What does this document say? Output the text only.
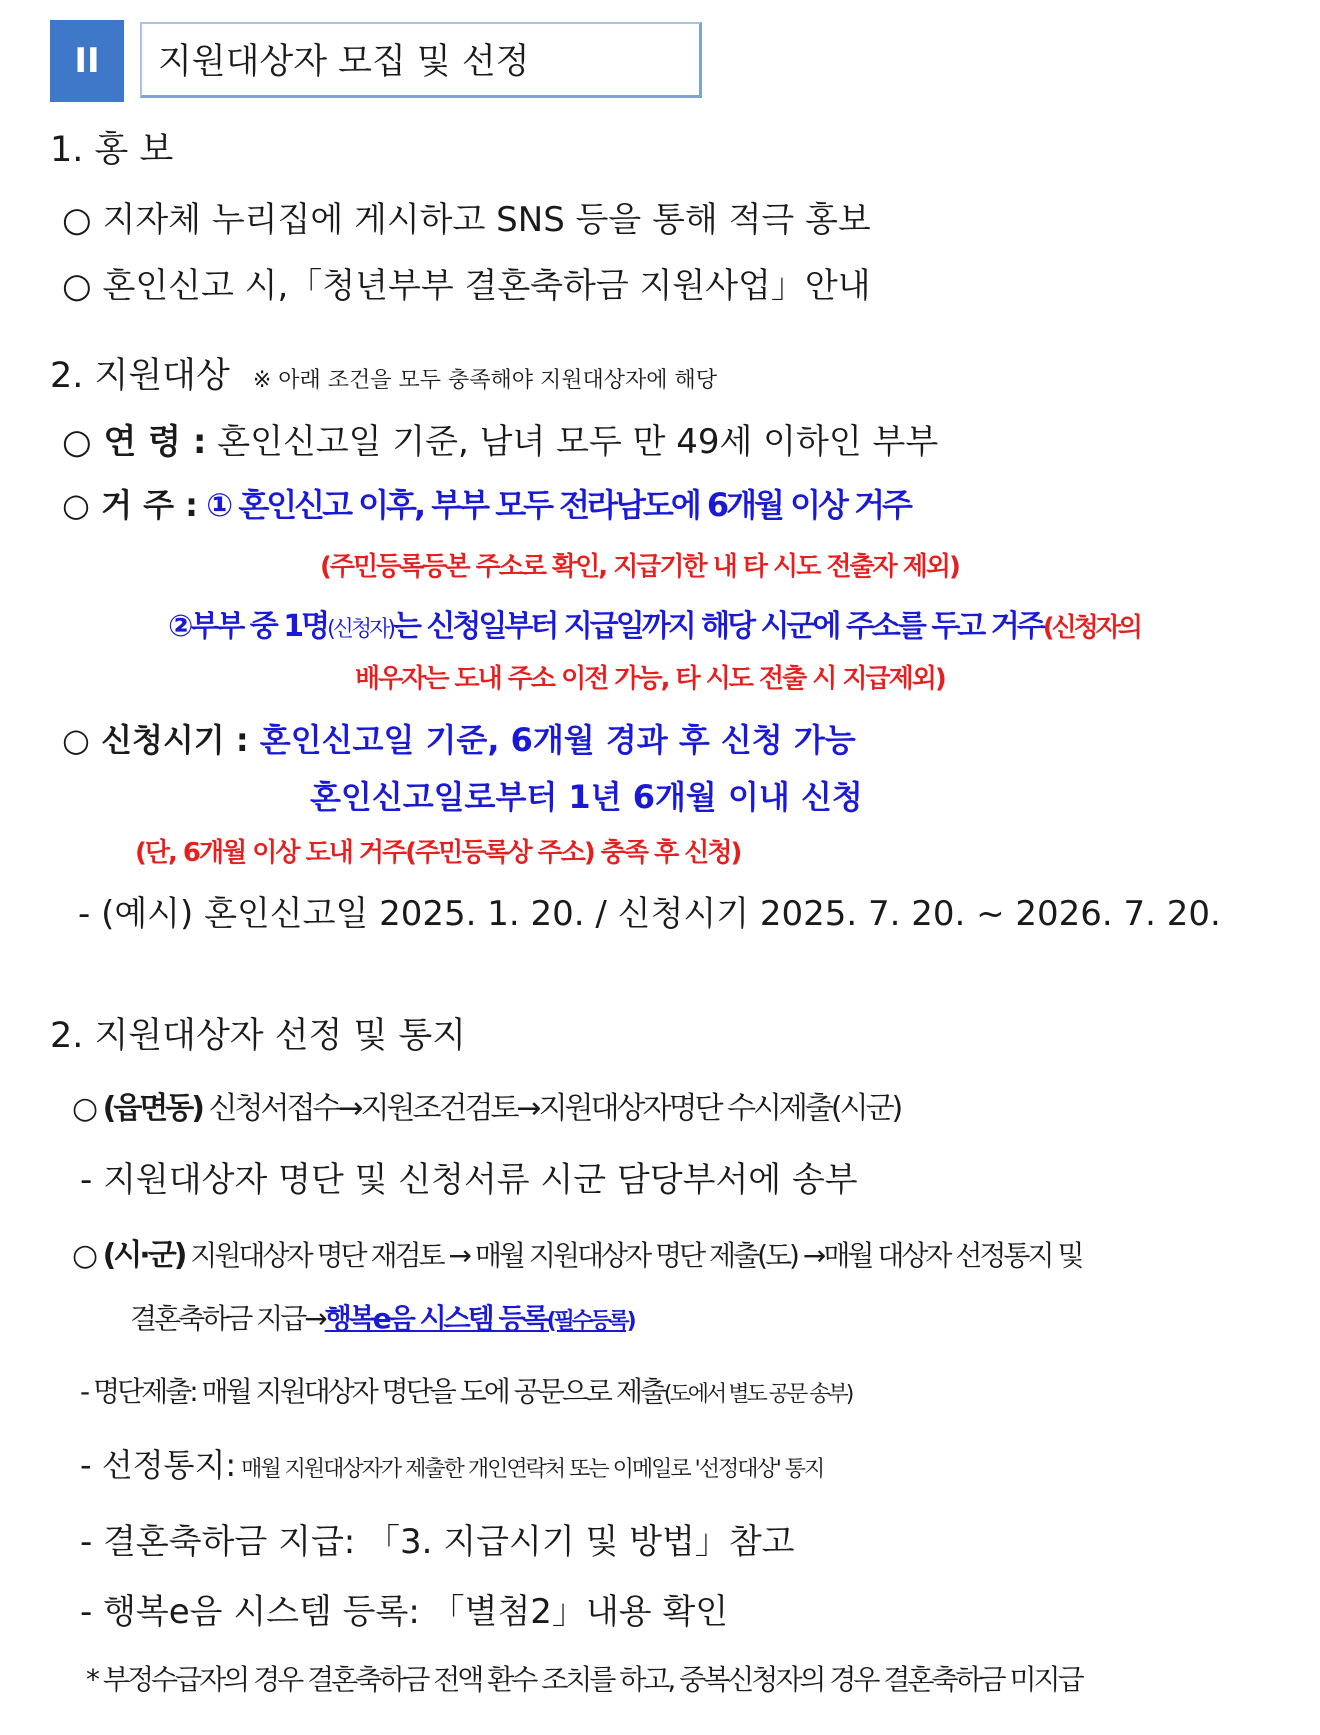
II 지원대상자 모집 및 선정
1. 홍 보
○ 지자체 누리집에 게시하고 SNS 등을 통해 적극 홍보
○ 혼인신고 시,「청년부부 결혼축하금 지원사업」안내
2. 지원대상 ※ 아래 조건을 모두 충족해야 지원대상자에 해당
○ 연 령 : 혼인신고일 기준, 남녀 모두 만 49세 이하인 부부
○ 거 주 : ① 혼인신고 이후, 부부 모두 전라남도에 6개월 이상 거주
(주민등록등본 주소로 확인, 지급기한 내 타 시도 전출자 제외)
②부부 중 1명(신청자)는 신청일부터 지급일까지 해당 시군에 주소를 두고 거주(신청자의
배우자는 도내 주소 이전 가능, 타 시도 전출 시 지급제외)
○ 신청시기 : 혼인신고일 기준, 6개월 경과 후 신청 가능
혼인신고일로부터 1년 6개월 이내 신청
(단, 6개월 이상 도내 거주(주민등록상 주소) 충족 후 신청)
- (예시) 혼인신고일 2025. 1. 20. / 신청시기 2025. 7. 20. ~ 2026. 7. 20.
2. 지원대상자 선정 및 통지
○ (읍면동) 신청서접수→지원조건검토→지원대상자명단 수시제출(시군)
- 지원대상자 명단 및 신청서류 시군 담당부서에 송부
○ (시·군) 지원대상자 명단 재검토 → 매월 지원대상자 명단 제출(도) →매월 대상자 선정통지 및
결혼축하금 지급→행복e음 시스템 등록(필수등록)
- 명단제출: 매월 지원대상자 명단을 도에 공문으로 제출(도에서 별도 공문 송부)
- 선정통지: 매월 지원대상자가 제출한 개인연락처 또는 이메일로 '선정대상' 통지
- 결혼축하금 지급: 「3. 지급시기 및 방법」참고
- 행복e음 시스템 등록: 「별첨2」내용 확인
* 부정수급자의 경우 결혼축하금 전액 환수 조치를 하고, 중복신청자의 경우 결혼축하금 미지급
